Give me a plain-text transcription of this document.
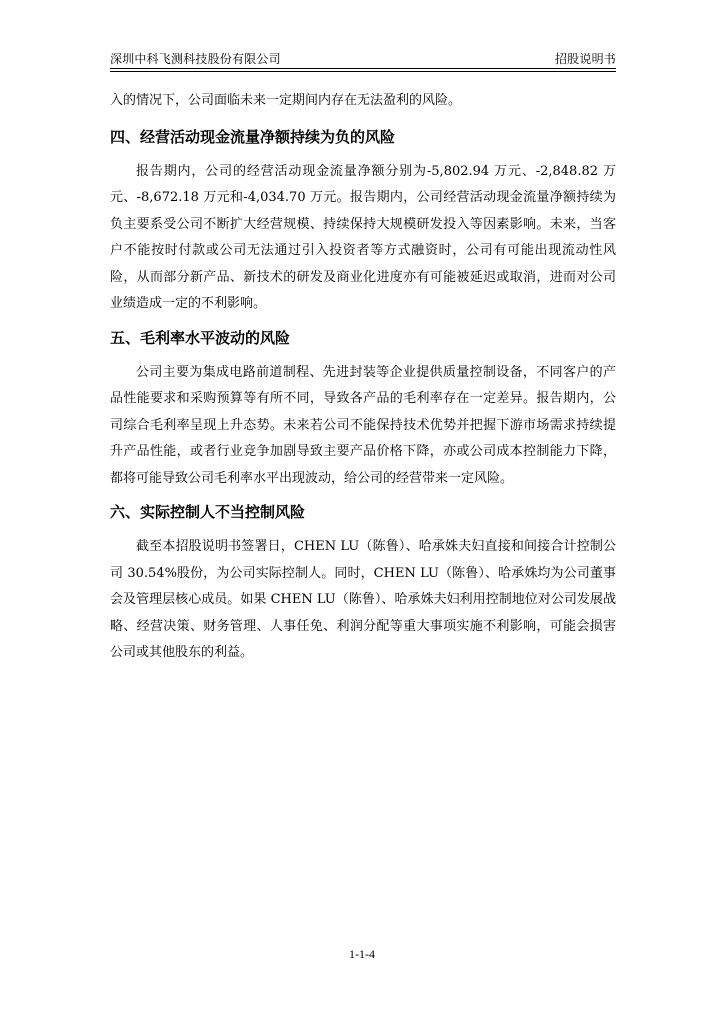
深圳中科飞测科技股份有限公司	招股说明书

入的情况下，公司面临未来一定期间内存在无法盈利的风险。

四、经营活动现金流量净额持续为负的风险

报告期内，公司的经营活动现金流量净额分别为-5,802.94 万元、-2,848.82 万元、-8,672.18 万元和-4,034.70 万元。报告期内，公司经营活动现金流量净额持续为负主要系受公司不断扩大经营规模、持续保持大规模研发投入等因素影响。未来，当客户不能按时付款或公司无法通过引入投资者等方式融资时，公司有可能出现流动性风险，从而部分新产品、新技术的研发及商业化进度亦有可能被延迟或取消，进而对公司业绩造成一定的不利影响。

五、毛利率水平波动的风险

公司主要为集成电路前道制程、先进封装等企业提供质量控制设备，不同客户的产品性能要求和采购预算等有所不同，导致各产品的毛利率存在一定差异。报告期内，公司综合毛利率呈现上升态势。未来若公司不能保持技术优势并把握下游市场需求持续提升产品性能，或者行业竞争加剧导致主要产品价格下降，亦或公司成本控制能力下降，都将可能导致公司毛利率水平出现波动，给公司的经营带来一定风险。

六、实际控制人不当控制风险

截至本招股说明书签署日，CHEN LU（陈鲁）、哈承姝夫妇直接和间接合计控制公司 30.54%股份，为公司实际控制人。同时，CHEN LU（陈鲁）、哈承姝均为公司董事会及管理层核心成员。如果 CHEN LU（陈鲁）、哈承姝夫妇利用控制地位对公司发展战略、经营决策、财务管理、人事任免、利润分配等重大事项实施不利影响，可能会损害公司或其他股东的利益。

1-1-4
